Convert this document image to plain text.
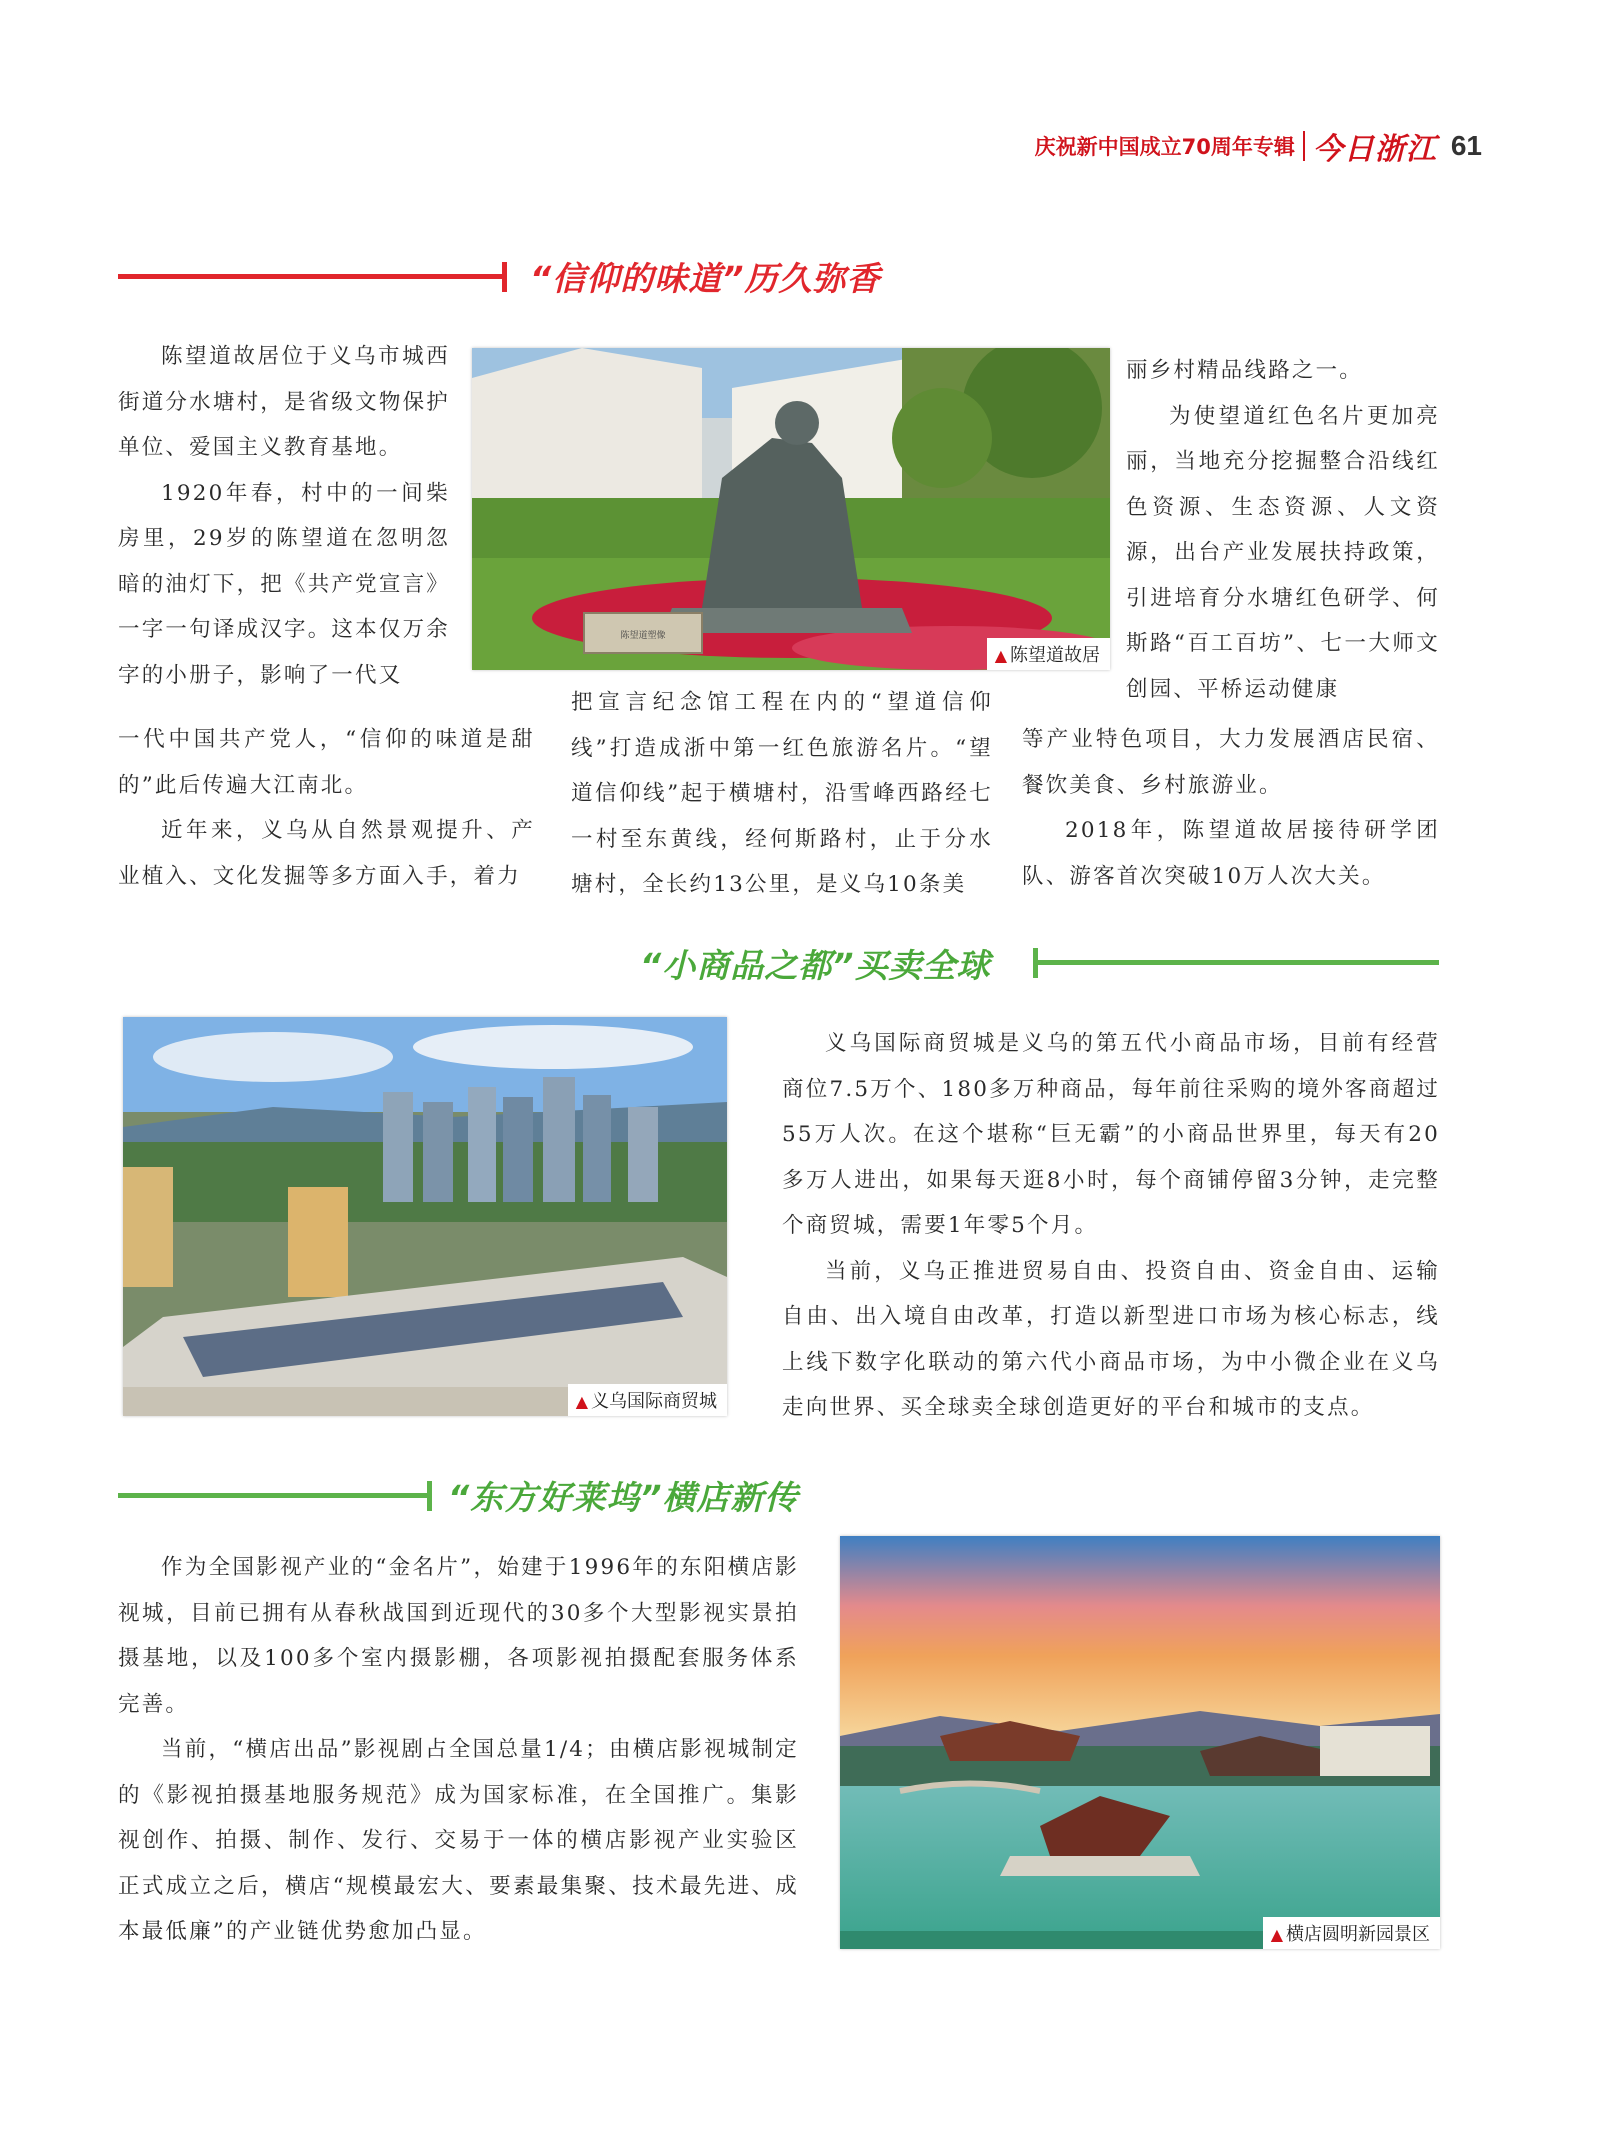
庆祝新中国成立70周年专辑 今日浙江 61
“信仰的味道”历久弥香
陈望道塑像
▲ 陈望道故居

陈望道故居位于义乌市城西街道分水塘村，是省级文物保护单位、爱国主义教育基地。

1920年春，村中的一间柴房里，29岁的陈望道在忽明忽暗的油灯下，把《共产党宣言》一字一句译成汉字。这本仅万余字的小册子，影响了一代又

一代中国共产党人，“信仰的味道是甜的”此后传遍大江南北。

近年来，义乌从自然景观提升、产业植入、文化发掘等多方面入手，着力

把宣言纪念馆工程在内的“望道信仰线”打造成浙中第一红色旅游名片。“望道信仰线”起于横塘村，沿雪峰西路经七一村至东黄线，经何斯路村，止于分水塘村，全长约13公里，是义乌10条美

丽乡村精品线路之一。

为使望道红色名片更加亮丽，当地充分挖掘整合沿线红色资源、生态资源、人文资源，出台产业发展扶持政策，引进培育分水塘红色研学、何斯路“百工百坊”、七一大师文创园、平桥运动健康

等产业特色项目，大力发展酒店民宿、餐饮美食、乡村旅游业。

2018年，陈望道故居接待研学团队、游客首次突破10万人次大关。

“小商品之都”买卖全球
▲ 义乌国际商贸城

义乌国际商贸城是义乌的第五代小商品市场，目前有经营商位7.5万个、180多万种商品，每年前往采购的境外客商超过55万人次。在这个堪称“巨无霸”的小商品世界里，每天有20多万人进出，如果每天逛8小时，每个商铺停留3分钟，走完整个商贸城，需要1年零5个月。

当前，义乌正推进贸易自由、投资自由、资金自由、运输自由、出入境自由改革，打造以新型进口市场为核心标志，线上线下数字化联动的第六代小商品市场，为中小微企业在义乌走向世界、买全球卖全球创造更好的平台和城市的支点。

“东方好莱坞”横店新传

作为全国影视产业的“金名片”，始建于1996年的东阳横店影视城，目前已拥有从春秋战国到近现代的30多个大型影视实景拍摄基地，以及100多个室内摄影棚，各项影视拍摄配套服务体系完善。

当前，“横店出品”影视剧占全国总量1/4；由横店影视城制定的《影视拍摄基地服务规范》成为国家标准，在全国推广。集影视创作、拍摄、制作、发行、交易于一体的横店影视产业实验区正式成立之后，横店“规模最宏大、要素最集聚、技术最先进、成本最低廉”的产业链优势愈加凸显。	▲ 横店圆明新园景区
